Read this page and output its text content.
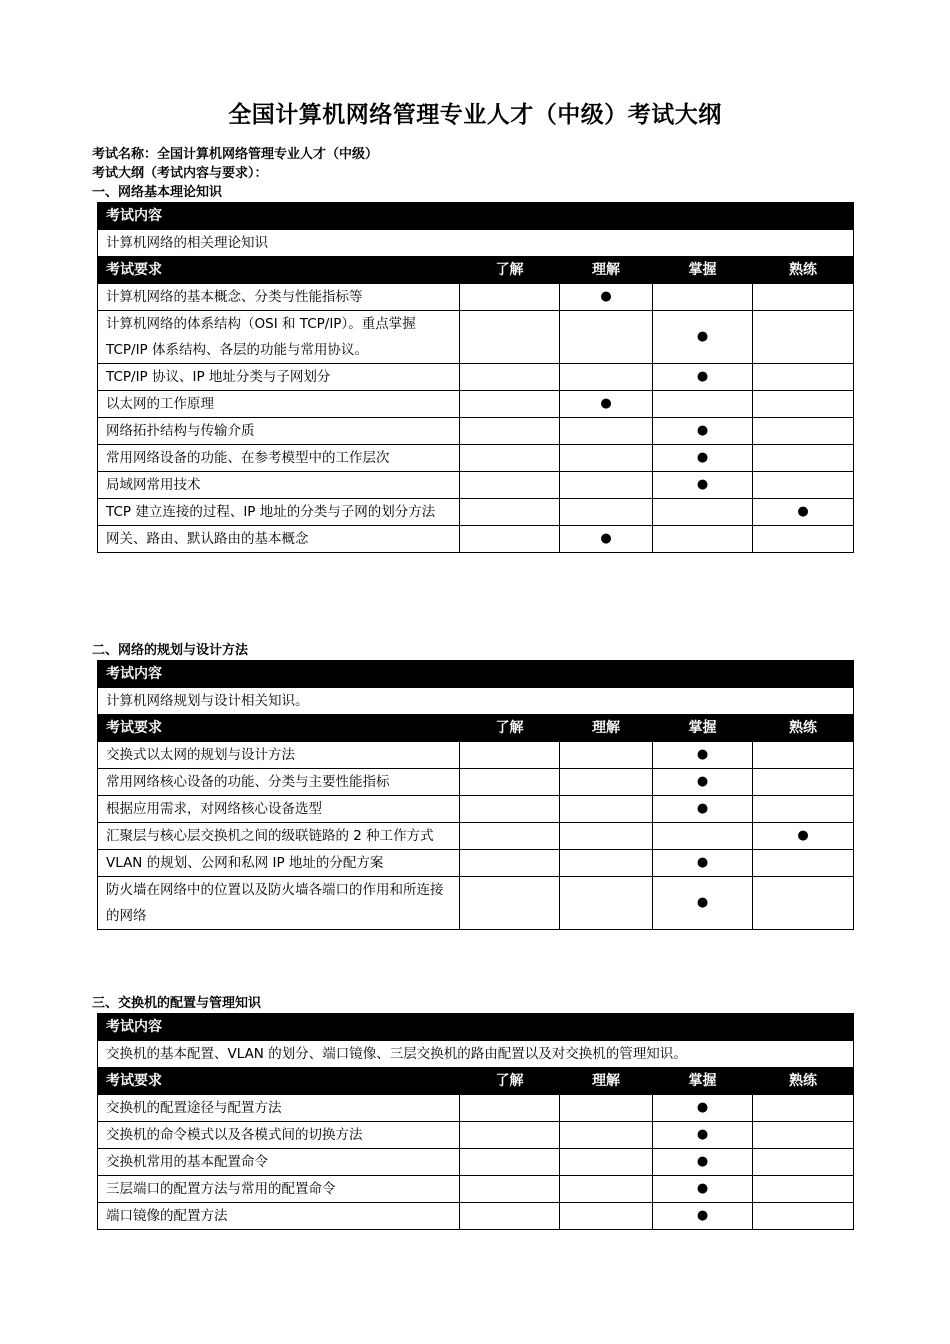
全国计算机网络管理专业人才（中级）考试大纲
考试名称：全国计算机网络管理专业人才（中级）
考试大纲（考试内容与要求）：
一、网络基本理论知识
考试内容				
计算机网络的相关理论知识				
考试要求	了解	理解	掌握	熟练
计算机网络的基本概念、分类与性能指标等		●		
计算机网络的体系结构（OSI 和 TCP/IP）。重点掌握 TCP/IP 体系结构、各层的功能与常用协议。			●	
TCP/IP 协议、IP 地址分类与子网划分			●	
以太网的工作原理		●		
网络拓扑结构与传输介质			●	
常用网络设备的功能、在参考模型中的工作层次			●	
局域网常用技术			●	
TCP 建立连接的过程、IP 地址的分类与子网的划分方法				●
网关、路由、默认路由的基本概念		●		
二、网络的规划与设计方法
考试内容				
计算机网络规划与设计相关知识。				
考试要求	了解	理解	掌握	熟练
交换式以太网的规划与设计方法			●	
常用网络核心设备的功能、分类与主要性能指标			●	
根据应用需求，对网络核心设备选型			●	
汇聚层与核心层交换机之间的级联链路的 2 种工作方式				●
VLAN 的规划、公网和私网 IP 地址的分配方案			●	
防火墙在网络中的位置以及防火墙各端口的作用和所连接的网络			●	
三、交换机的配置与管理知识
考试内容				
交换机的基本配置、VLAN 的划分、端口镜像、三层交换机的路由配置以及对交换机的管理知识。				
考试要求	了解	理解	掌握	熟练
交换机的配置途径与配置方法			●	
交换机的命令模式以及各模式间的切换方法			●	
交换机常用的基本配置命令			●	
三层端口的配置方法与常用的配置命令			●	
端口镜像的配置方法			●	
